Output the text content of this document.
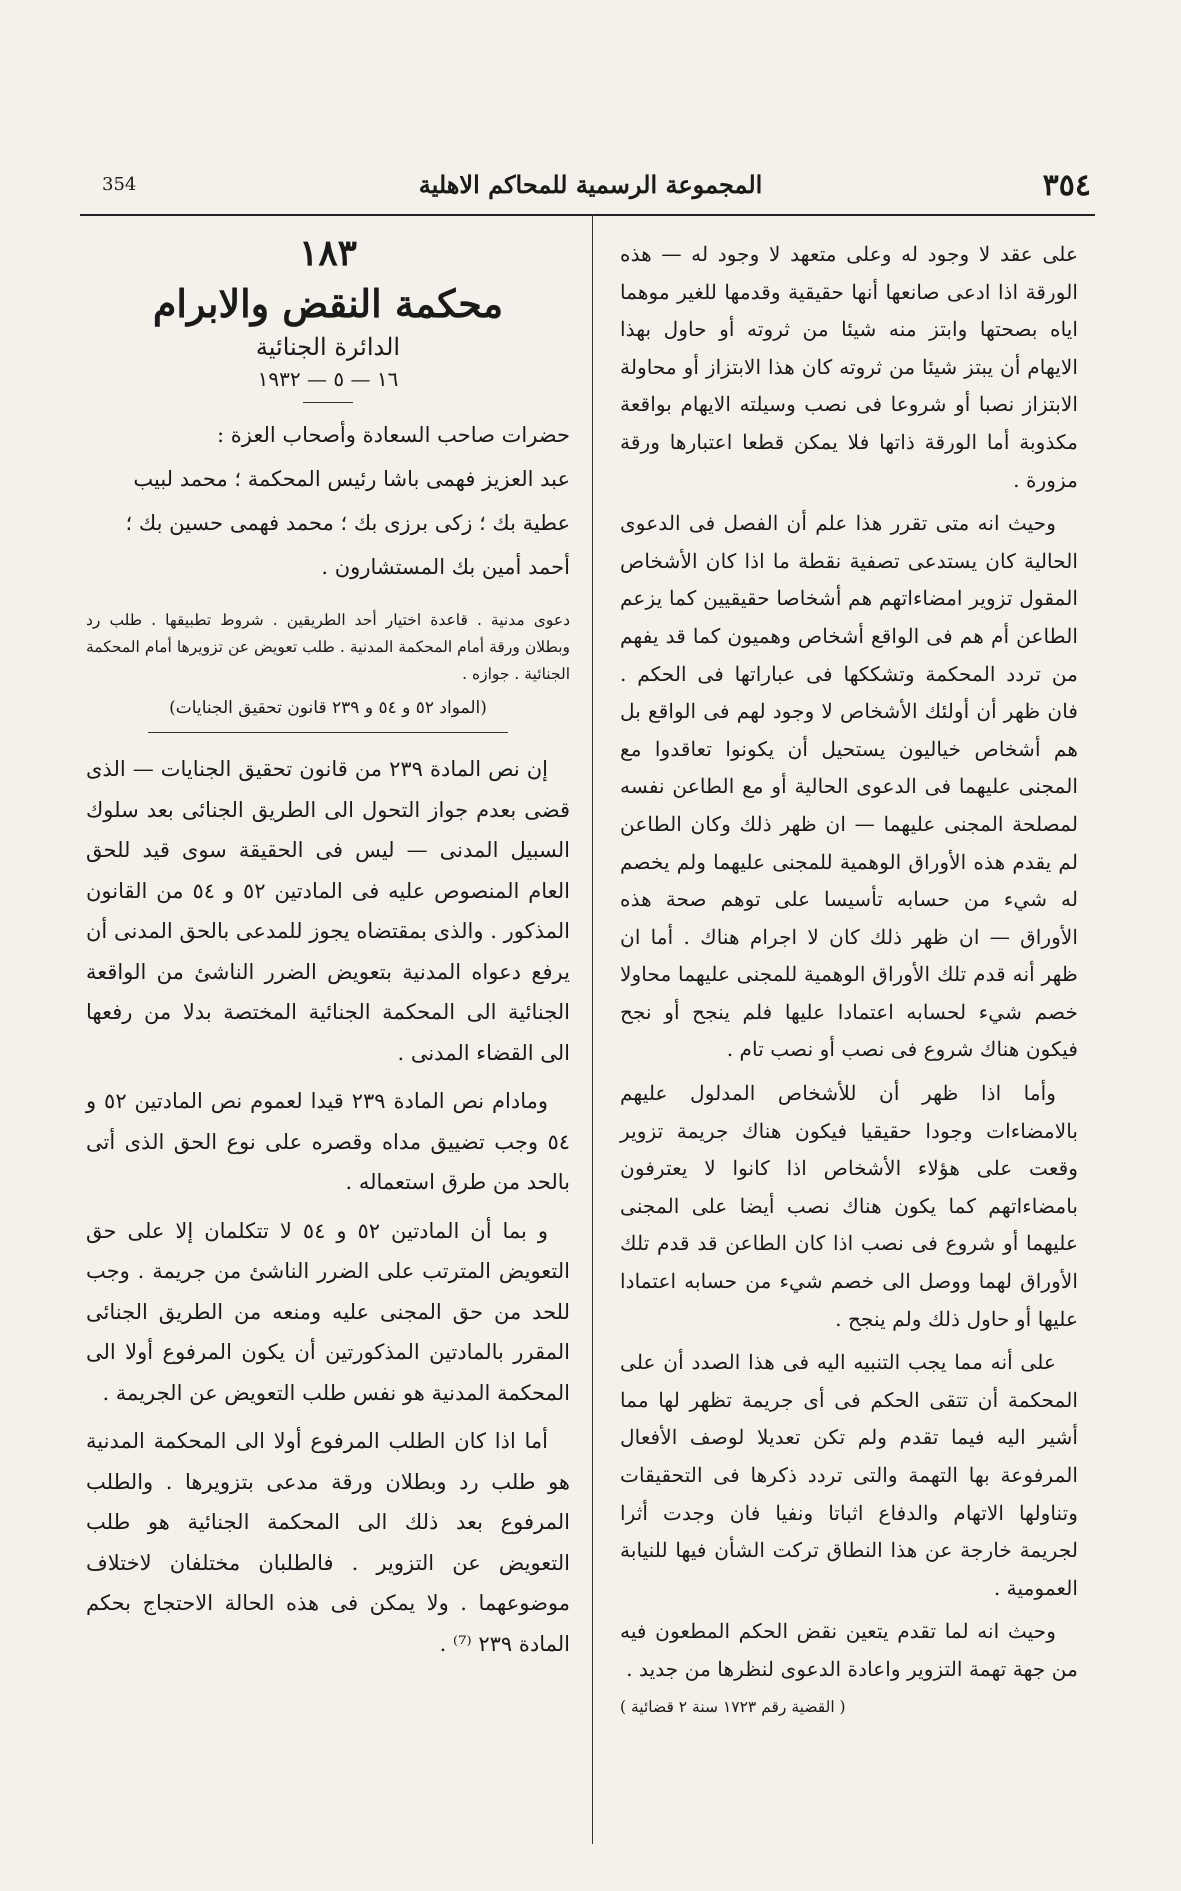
354	المجموعة الرسمية للمحاكم الاهلية	٣٥٤

على عقد لا وجود له وعلى متعهد لا وجود له — هذه الورقة اذا ادعى صانعها أنها حقيقية وقدمها للغير موهما اياه بصحتها وابتز منه شيئا من ثروته أو حاول بهذا الايهام أن يبتز شيئا من ثروته كان هذا الابتزاز أو محاولة الابتزاز نصبا أو شروعا فى نصب وسيلته الايهام بواقعة مكذوبة أما الورقة ذاتها فلا يمكن قطعا اعتبارها ورقة مزورة .

وحيث انه متى تقرر هذا علم أن الفصل فى الدعوى الحالية كان يستدعى تصفية نقطة ما اذا كان الأشخاص المقول تزوير امضاءاتهم هم أشخاصا حقيقيين كما يزعم الطاعن أم هم فى الواقع أشخاص وهميون كما قد يفهم من تردد المحكمة وتشككها فى عباراتها فى الحكم . فان ظهر أن أولئك الأشخاص لا وجود لهم فى الواقع بل هم أشخاص خياليون يستحيل أن يكونوا تعاقدوا مع المجنى عليهما فى الدعوى الحالية أو مع الطاعن نفسه لمصلحة المجنى عليهما — ان ظهر ذلك وكان الطاعن لم يقدم هذه الأوراق الوهمية للمجنى عليهما ولم يخصم له شيء من حسابه تأسيسا على توهم صحة هذه الأوراق — ان ظهر ذلك كان لا اجرام هناك . أما ان ظهر أنه قدم تلك الأوراق الوهمية للمجنى عليهما محاولا خصم شيء لحسابه اعتمادا عليها فلم ينجح أو نجح فيكون هناك شروع فى نصب أو نصب تام .

وأما اذا ظهر أن للأشخاص المدلول عليهم بالامضاءات وجودا حقيقيا فيكون هناك جريمة تزوير وقعت على هؤلاء الأشخاص اذا كانوا لا يعترفون بامضاءاتهم كما يكون هناك نصب أيضا على المجنى عليهما أو شروع فى نصب اذا كان الطاعن قد قدم تلك الأوراق لهما ووصل الى خصم شيء من حسابه اعتمادا عليها أو حاول ذلك ولم ينجح .

على أنه مما يجب التنبيه اليه فى هذا الصدد أن على المحكمة أن تتقى الحكم فى أى جريمة تظهر لها مما أشير اليه فيما تقدم ولم تكن تعديلا لوصف الأفعال المرفوعة بها التهمة والتى تردد ذكرها فى التحقيقات وتناولها الاتهام والدفاع اثباتا ونفيا فان وجدت أثرا لجريمة خارجة عن هذا النطاق تركت الشأن فيها للنيابة العمومية .

وحيث انه لما تقدم يتعين نقض الحكم المطعون فيه من جهة تهمة التزوير واعادة الدعوى لنظرها من جديد .

( القضية رقم ١٧٢٣ سنة ٢ قضائية )
١٨٣
محكمة النقض والابرام
الدائرة الجنائية
١٦ — ٥ — ١٩٣٢

حضرات صاحب السعادة وأصحاب العزة :

عبد العزيز فهمى باشا رئيس المحكمة ؛ محمد لبيب

عطية بك ؛ زكى برزى بك ؛ محمد فهمى حسين بك ؛

أحمد أمين بك المستشارون .

دعوى مدنية . قاعدة اختيار أحد الطريقين . شروط تطبيقها . طلب رد وبطلان ورقة أمام المحكمة المدنية . طلب تعويض عن تزويرها أمام المحكمة الجنائية . جوازه .
(المواد ٥٢ و ٥٤ و ٢٣٩ قانون تحقيق الجنايات)

إن نص المادة ٢٣٩ من قانون تحقيق الجنايات — الذى قضى بعدم جواز التحول الى الطريق الجنائى بعد سلوك السبيل المدنى — ليس فى الحقيقة سوى قيد للحق العام المنصوص عليه فى المادتين ٥٢ و ٥٤ من القانون المذكور . والذى بمقتضاه يجوز للمدعى بالحق المدنى أن يرفع دعواه المدنية بتعويض الضرر الناشئ من الواقعة الجنائية الى المحكمة الجنائية المختصة بدلا من رفعها الى القضاء المدنى .

ومادام نص المادة ٢٣٩ قيدا لعموم نص المادتين ٥٢ و ٥٤ وجب تضييق مداه وقصره على نوع الحق الذى أتى بالحد من طرق استعماله .

و بما أن المادتين ٥٢ و ٥٤ لا تتكلمان إلا على حق التعويض المترتب على الضرر الناشئ من جريمة . وجب للحد من حق المجنى عليه ومنعه من الطريق الجنائى المقرر بالمادتين المذكورتين أن يكون المرفوع أولا الى المحكمة المدنية هو نفس طلب التعويض عن الجريمة .

أما اذا كان الطلب المرفوع أولا الى المحكمة المدنية هو طلب رد وبطلان ورقة مدعى بتزويرها . والطلب المرفوع بعد ذلك الى المحكمة الجنائية هو طلب التعويض عن التزوير . فالطلبان مختلفان لاختلاف موضوعهما . ولا يمكن فى هذه الحالة الاحتجاج بحكم المادة ٢٣٩ ⁽⁷⁾ .
